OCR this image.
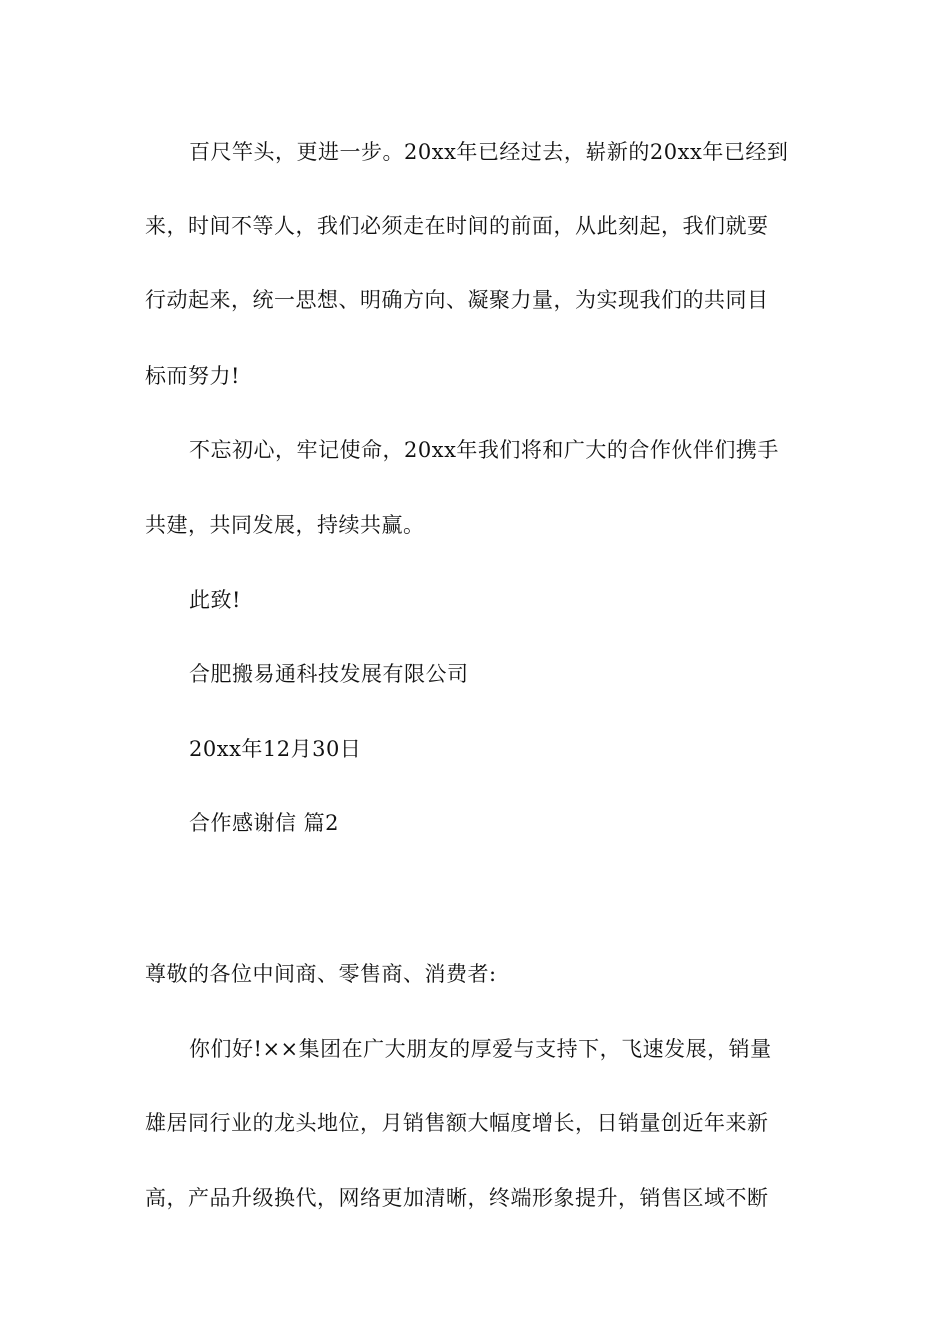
百尺竿头，更进一步。20xx年已经过去，崭新的20xx年已经到
来，时间不等人，我们必须走在时间的前面，从此刻起，我们就要
行动起来，统一思想、明确方向、凝聚力量，为实现我们的共同目
标而努力!
不忘初心，牢记使命，20xx年我们将和广大的合作伙伴们携手
共建，共同发展，持续共赢。
此致!
合肥搬易通科技发展有限公司
20xx年12月30日
合作感谢信 篇2
尊敬的各位中间商、零售商、消费者:
你们好!××集团在广大朋友的厚爱与支持下，飞速发展，销量
雄居同行业的龙头地位，月销售额大幅度增长，日销量创近年来新
高，产品升级换代，网络更加清晰，终端形象提升，销售区域不断
